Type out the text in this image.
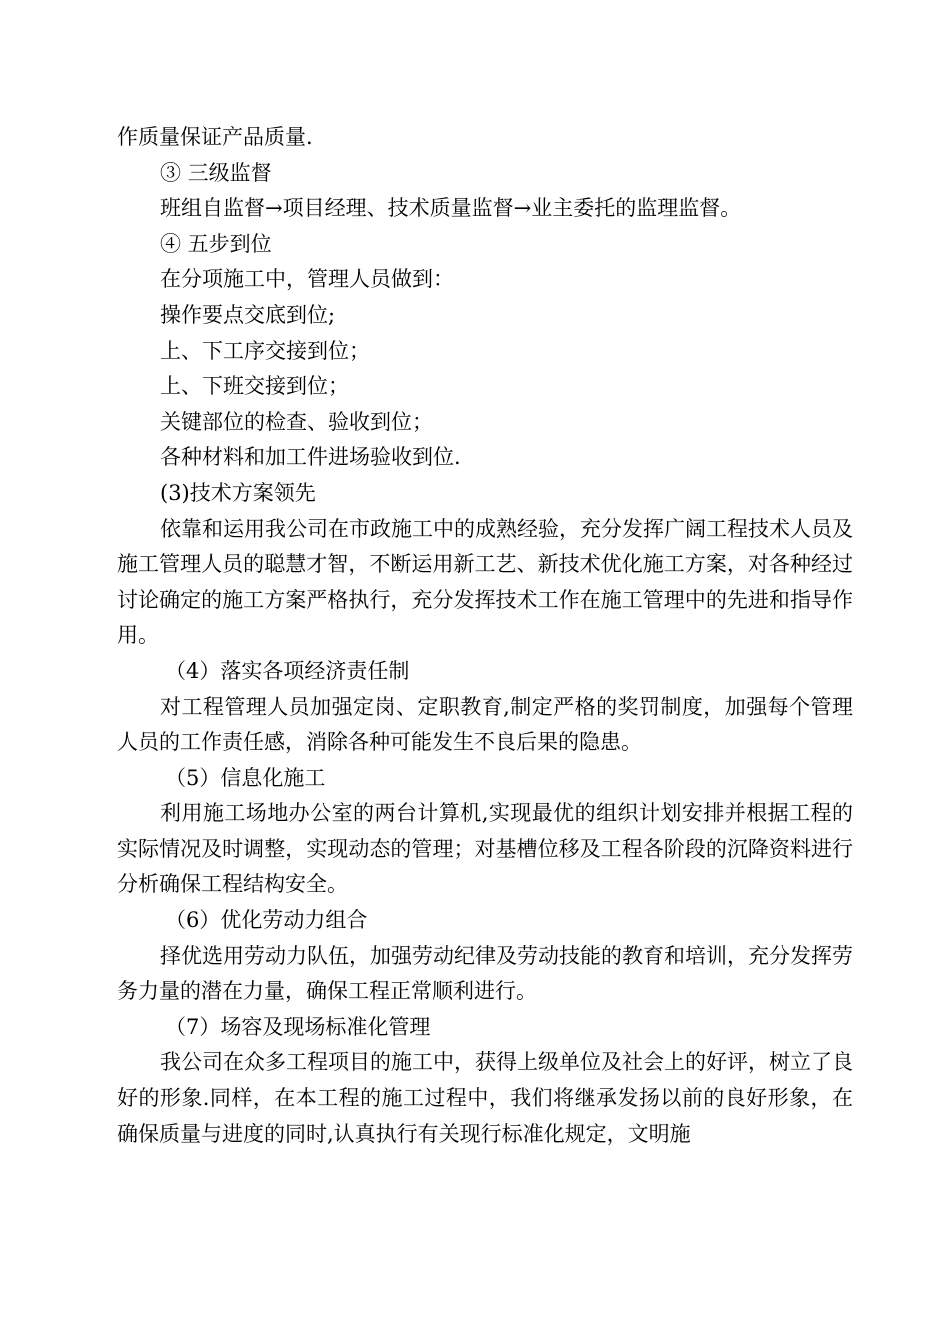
作质量保证产品质量.

③ 三级监督

班组自监督→项目经理、技术质量监督→业主委托的监理监督。

④ 五步到位

在分项施工中，管理人员做到：

操作要点交底到位;

上、下工序交接到位；

上、下班交接到位；

关键部位的检查、验收到位；

各种材料和加工件进场验收到位.

(3)技术方案领先

依靠和运用我公司在市政施工中的成熟经验，充分发挥广阔工程技术人员及施工管理人员的聪慧才智，不断运用新工艺、新技术优化施工方案，对各种经过讨论确定的施工方案严格执行，充分发挥技术工作在施工管理中的先进和指导作用。

（4）落实各项经济责任制

对工程管理人员加强定岗、定职教育,制定严格的奖罚制度，加强每个管理人员的工作责任感，消除各种可能发生不良后果的隐患。

（5）信息化施工

利用施工场地办公室的两台计算机,实现最优的组织计划安排并根据工程的实际情况及时调整，实现动态的管理；对基槽位移及工程各阶段的沉降资料进行分析确保工程结构安全。

（6）优化劳动力组合

择优选用劳动力队伍，加强劳动纪律及劳动技能的教育和培训，充分发挥劳务力量的潜在力量，确保工程正常顺利进行。

（7）场容及现场标准化管理

我公司在众多工程项目的施工中，获得上级单位及社会上的好评，树立了良好的形象.同样，在本工程的施工过程中，我们将继承发扬以前的良好形象，在确保质量与进度的同时,认真执行有关现行标准化规定，文明施
